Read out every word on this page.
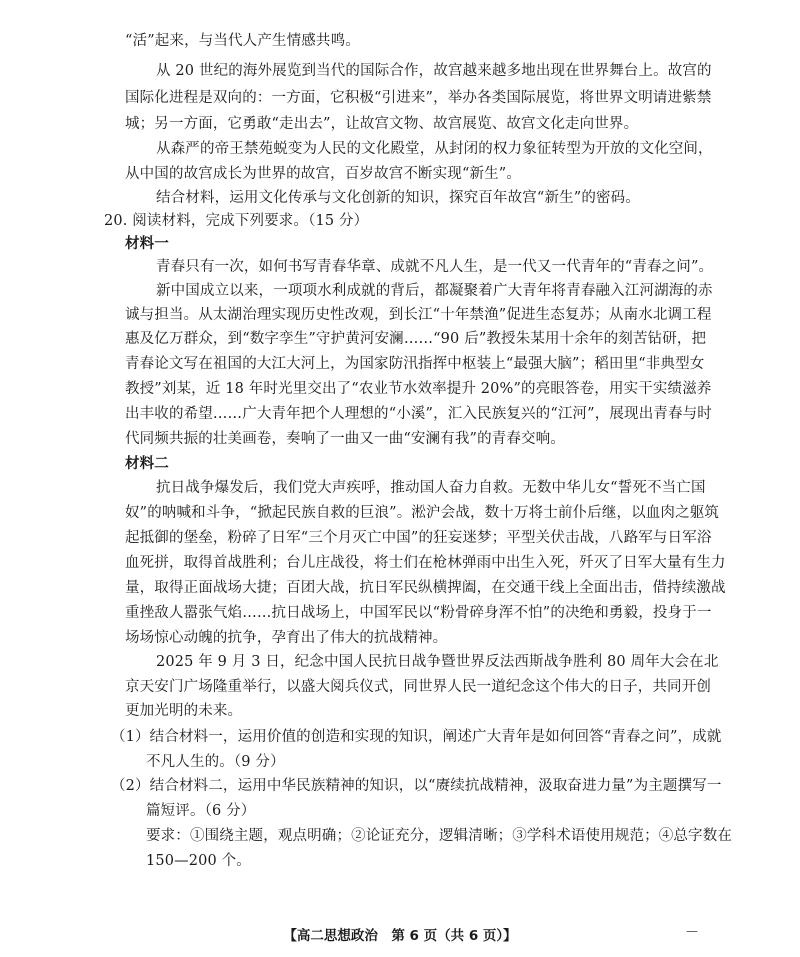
“活”起来，与当代人产生情感共鸣。
从 20 世纪的海外展览到当代的国际合作，故宫越来越多地出现在世界舞台上。故宫的
国际化进程是双向的：一方面，它积极“引进来”，举办各类国际展览，将世界文明请进紫禁
城；另一方面，它勇敢“走出去”，让故宫文物、故宫展览、故宫文化走向世界。
从森严的帝王禁苑蜕变为人民的文化殿堂，从封闭的权力象征转型为开放的文化空间，
从中国的故宫成长为世界的故宫，百岁故宫不断实现“新生”。
结合材料，运用文化传承与文化创新的知识，探究百年故宫“新生”的密码。
20. 阅读材料，完成下列要求。（15 分）
材料一
青春只有一次，如何书写青春华章、成就不凡人生，是一代又一代青年的“青春之问”。
新中国成立以来，一项项水利成就的背后，都凝聚着广大青年将青春融入江河湖海的赤
诚与担当。从太湖治理实现历史性改观，到长江“十年禁渔”促进生态复苏；从南水北调工程
惠及亿万群众，到“数字孪生”守护黄河安澜……“90 后”教授朱某用十余年的刻苦钻研，把
青春论文写在祖国的大江大河上，为国家防汛指挥中枢装上“最强大脑”；稻田里“非典型女
教授”刘某，近 18 年时光里交出了“农业节水效率提升 20%”的亮眼答卷，用实干实绩滋养
出丰收的希望……广大青年把个人理想的“小溪”，汇入民族复兴的“江河”，展现出青春与时
代同频共振的壮美画卷，奏响了一曲又一曲“安澜有我”的青春交响。
材料二
抗日战争爆发后，我们党大声疾呼，推动国人奋力自救。无数中华儿女“誓死不当亡国
奴”的呐喊和斗争，“掀起民族自救的巨浪”。淞沪会战，数十万将士前仆后继，以血肉之躯筑
起抵御的堡垒，粉碎了日军“三个月灭亡中国”的狂妄迷梦；平型关伏击战，八路军与日军浴
血死拼，取得首战胜利；台儿庄战役，将士们在枪林弹雨中出生入死，歼灭了日军大量有生力
量，取得正面战场大捷；百团大战，抗日军民纵横捭阖，在交通干线上全面出击，借持续激战
重挫敌人嚣张气焰……抗日战场上，中国军民以“粉骨碎身浑不怕”的决绝和勇毅，投身于一
场场惊心动魄的抗争，孕育出了伟大的抗战精神。
2025 年 9 月 3 日，纪念中国人民抗日战争暨世界反法西斯战争胜利 80 周年大会在北
京天安门广场隆重举行，以盛大阅兵仪式，同世界人民一道纪念这个伟大的日子，共同开创
更加光明的未来。
（1）结合材料一，运用价值的创造和实现的知识，阐述广大青年是如何回答“青春之问”，成就
不凡人生的。（9 分）
（2）结合材料二，运用中华民族精神的知识，以“赓续抗战精神，汲取奋进力量”为主题撰写一
篇短评。（6 分）
要求：①围绕主题，观点明确；②论证充分，逻辑清晰；③学科术语使用规范；④总字数在
150—200 个。
【高二思想政治　第 6 页（共 6 页）】	—
